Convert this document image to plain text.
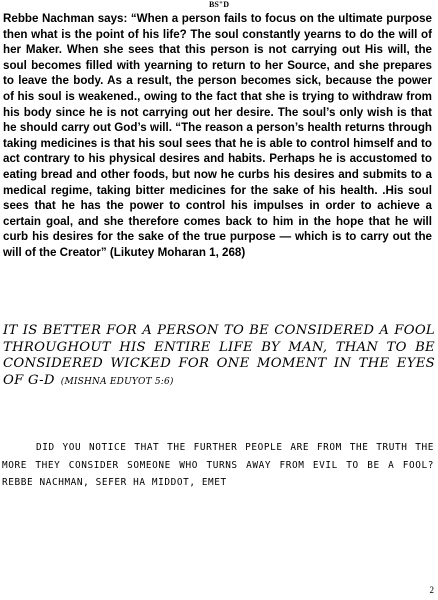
BS"D
Rebbe Nachman says: “When a person fails to focus on the ultimate purpose then what is the point of his life? The soul constantly yearns to do the will of her Maker. When she sees that this person is not carrying out His will, the soul becomes filled with yearning to return to her Source, and she prepares to leave the body. As a result, the person becomes sick, because the power of his soul is weakened., owing to the fact that she is trying to withdraw from his body since he is not carrying out her desire. The soul’s only wish is that he should carry out God’s will. “The reason a person’s health returns through taking medicines is that his soul sees that he is able to control himself and to act contrary to his physical desires and habits. Perhaps he is accustomed to eating bread and other foods, but now he curbs his desires and submits to a medical regime, taking bitter medicines for the sake of his health. .His soul sees that he has the power to control his impulses in order to achieve a certain goal, and she therefore comes back to him in the hope that he will curb his desires for the sake of the true purpose — which is to carry out the will of the Creator” (Likutey Moharan 1, 268)
IT IS BETTER FOR A PERSON TO BE CONSIDERED A FOOL THROUGHOUT HIS ENTIRE LIFE BY MAN, THAN TO BE CONSIDERED WICKED FOR ONE MOMENT IN THE EYES OF G-D (MISHNA EDUYOT 5:6)
DID YOU NOTICE THAT THE FURTHER PEOPLE ARE FROM THE TRUTH THE MORE THEY CONSIDER SOMEONE WHO TURNS AWAY FROM EVIL TO BE A FOOL? REBBE NACHMAN, SEFER HA MIDDOT, EMET
2
